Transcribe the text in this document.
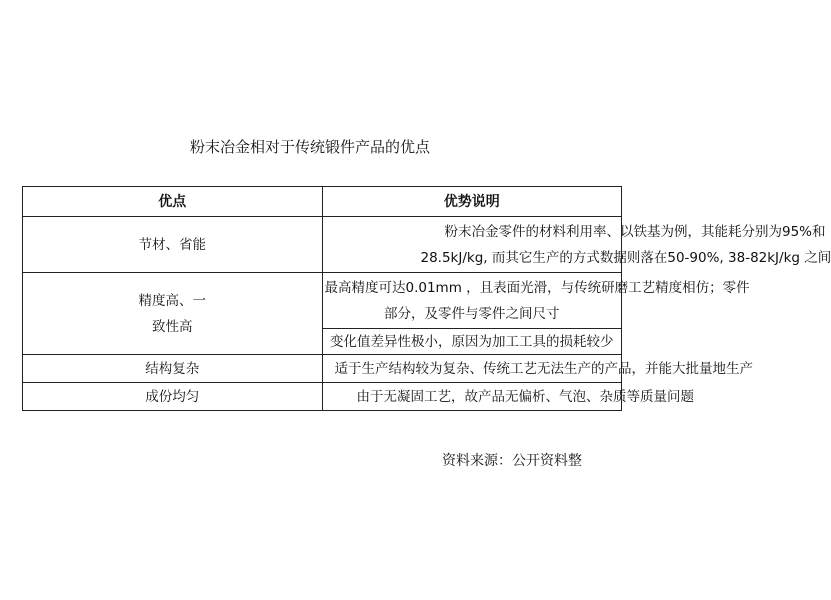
粉末冶金相对于传统锻件产品的优点
优点	优势说明
节材、省能	粉末冶金零件的材料利用率、以铁基为例，其能耗分别为95%和
28.5kJ/kg, 而其它生产的方式数据则落在50-90%, 38-82kJ/kg 之间

精度高、一
致性高	最高精度可达0.01mm ，且表面光滑，与传统研磨工艺精度相仿；零件
部分，及零件与零件之间尺寸

	变化值差异性极小，原因为加工工具的损耗较少
结构复杂	适于生产结构较为复杂、传统工艺无法生产的产品，并能大批量地生产
成份均匀	由于无凝固工艺，故产品无偏析、气泡、杂质等质量问题
资料来源：公开资料整
